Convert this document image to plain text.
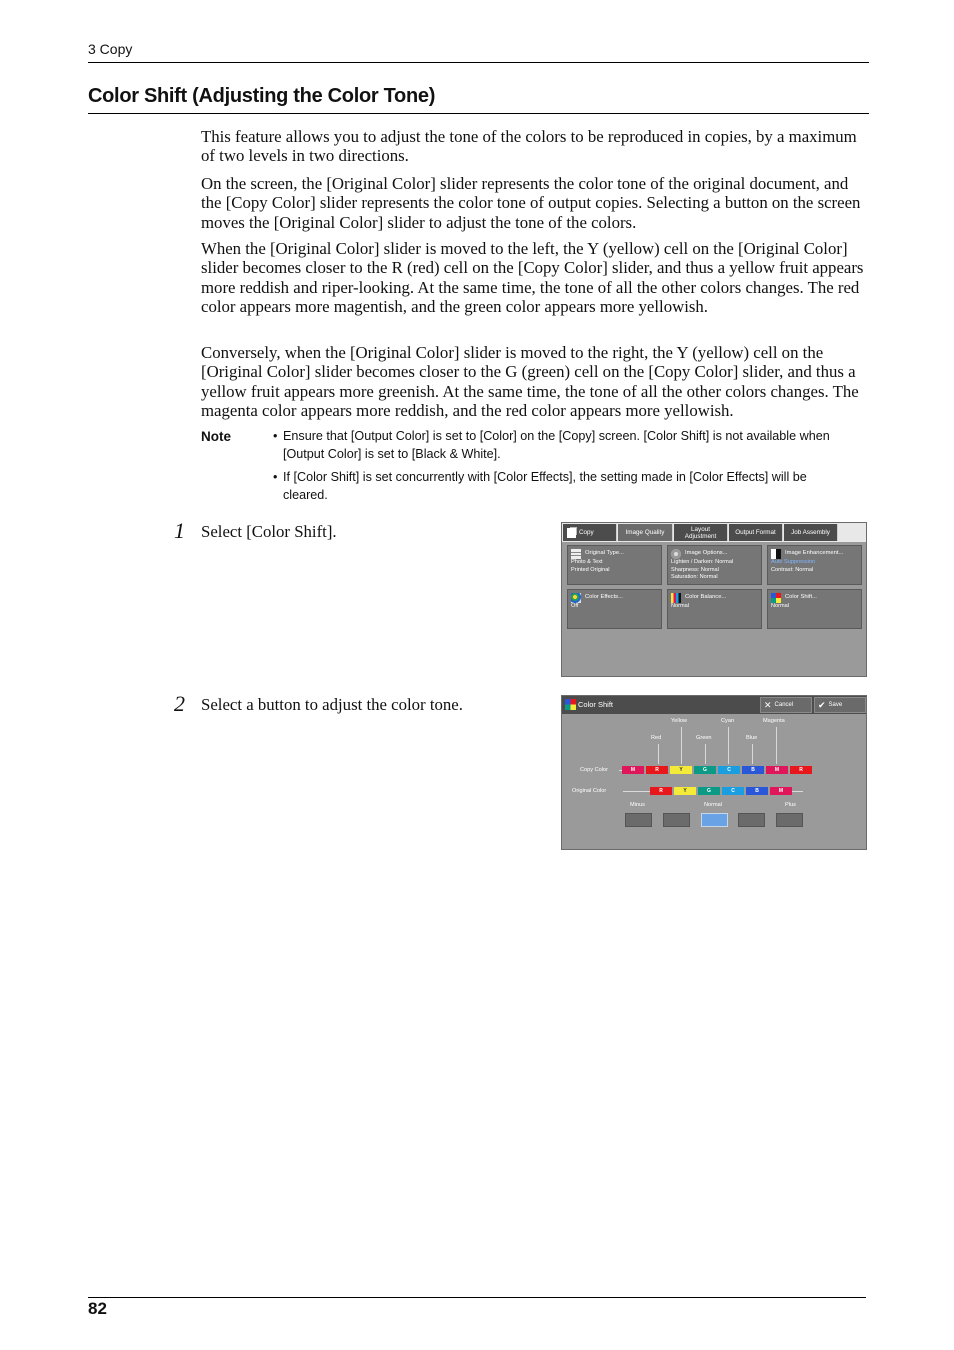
3 Copy
Color Shift (Adjusting the Color Tone)
This feature allows you to adjust the tone of the colors to be reproduced in copies, by a maximum of two levels in two directions.
On the screen, the [Original Color] slider represents the color tone of the original document, and the [Copy Color] slider represents the color tone of output copies. Selecting a button on the screen moves the [Original Color] slider to adjust the tone of the colors.
When the [Original Color] slider is moved to the left, the Y (yellow) cell on the [Original Color] slider becomes closer to the R (red) cell on the [Copy Color] slider, and thus a yellow fruit appears more reddish and riper-looking. At the same time, the tone of all the other colors changes. The red color appears more magentish, and the green color appears more yellowish.
Conversely, when the [Original Color] slider is moved to the right, the Y (yellow) cell on the [Original Color] slider becomes closer to the G (green) cell on the [Copy Color] slider, and thus a yellow fruit appears more greenish. At the same time, the tone of all the other colors changes. The magenta color appears more reddish, and the red color appears more yellowish.
Note	• Ensure that [Output Color] is set to [Color] on the [Copy] screen. [Color Shift] is not available when [Output Color] is set to [Black & White].
• If [Color Shift] is set concurrently with [Color Effects], the setting made in [Color Effects] will be cleared.
1 Select [Color Shift].
2 Select a button to adjust the color tone.
Copy	Image Quality	Layout
Adjustment	Output Format Job Assembly
Original Type...
Photo & Text
Printed Original
Image Options...
Lighten / Darken: Normal
Sharpness: Normal
Saturation: Normal
Image Enhancement...
Auto Suppression
Contrast: Normal
Color Effects...
Off
Color Balance...
Normal
Color Shift...
Normal
Color Shift	✕ Cancel	✔ Save
Yellow	Cyan	Magenta
Red	Green	Blue
Copy Color
Original Color
Minus	Normal	Plus
M	R	Y	G	C	B	M	R
R	Y	G	C	B	M
82
